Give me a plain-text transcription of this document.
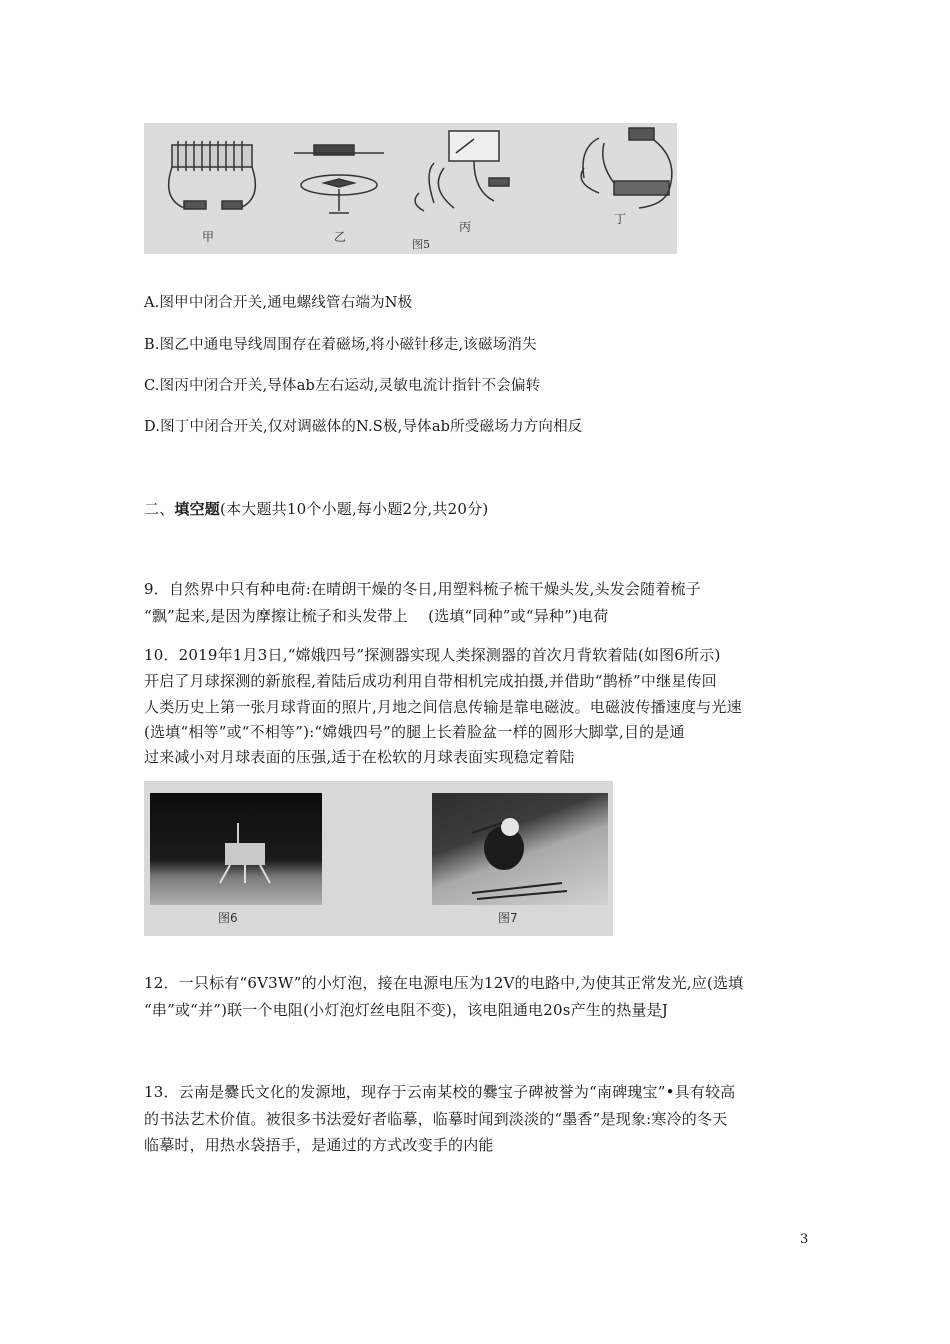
甲	乙
丙
丁
图5
A.图甲中闭合开关,通电螺线管右端为N极
B.图乙中通电导线周围存在着磁场,将小磁针移走,该磁场消失
C.图丙中闭合开关,导体ab左右运动,灵敏电流计指针不会偏转
D.图丁中闭合开关,仅对调磁体的N.S极,导体ab所受磁场力方向相反
二、填空题(本大题共10个小题,每小题2分,共20分)
9．自然界中只有种电荷:在晴朗干燥的冬日,用塑料梳子梳干燥头发,头发会随着梳子
“飘”起来,是因为摩擦让梳子和头发带上　 (选填“同种”或“异种”)电荷
10．2019年1月3日,“嫦娥四号”探测器实现人类探测器的首次月背软着陆(如图6所示)
开启了月球探测的新旅程,着陆后成功利用自带相机完成拍摄,并借助“鹊桥”中继星传回
人类历史上第一张月球背面的照片,月地之间信息传输是靠电磁波。电磁波传播速度与光速
(选填“相等”或“不相等”):“嫦娥四号”的腿上长着脸盆一样的圆形大脚掌,目的是通
过来减小对月球表面的压强,适于在松软的月球表面实现稳定着陆
图6	图7
12．一只标有“6V3W”的小灯泡，接在电源电压为12V的电路中,为使其正常发光,应(选填
“串”或“并”)联一个电阻(小灯泡灯丝电阻不变)，该电阻通电20s产生的热量是J
13．云南是爨氏文化的发源地，现存于云南某校的爨宝子碑被誉为“南碑瑰宝”•具有较高
的书法艺术价值。被很多书法爱好者临摹，临摹时闻到淡淡的“墨香”是现象:寒冷的冬天
临摹时，用热水袋捂手，是通过的方式改变手的内能
3
